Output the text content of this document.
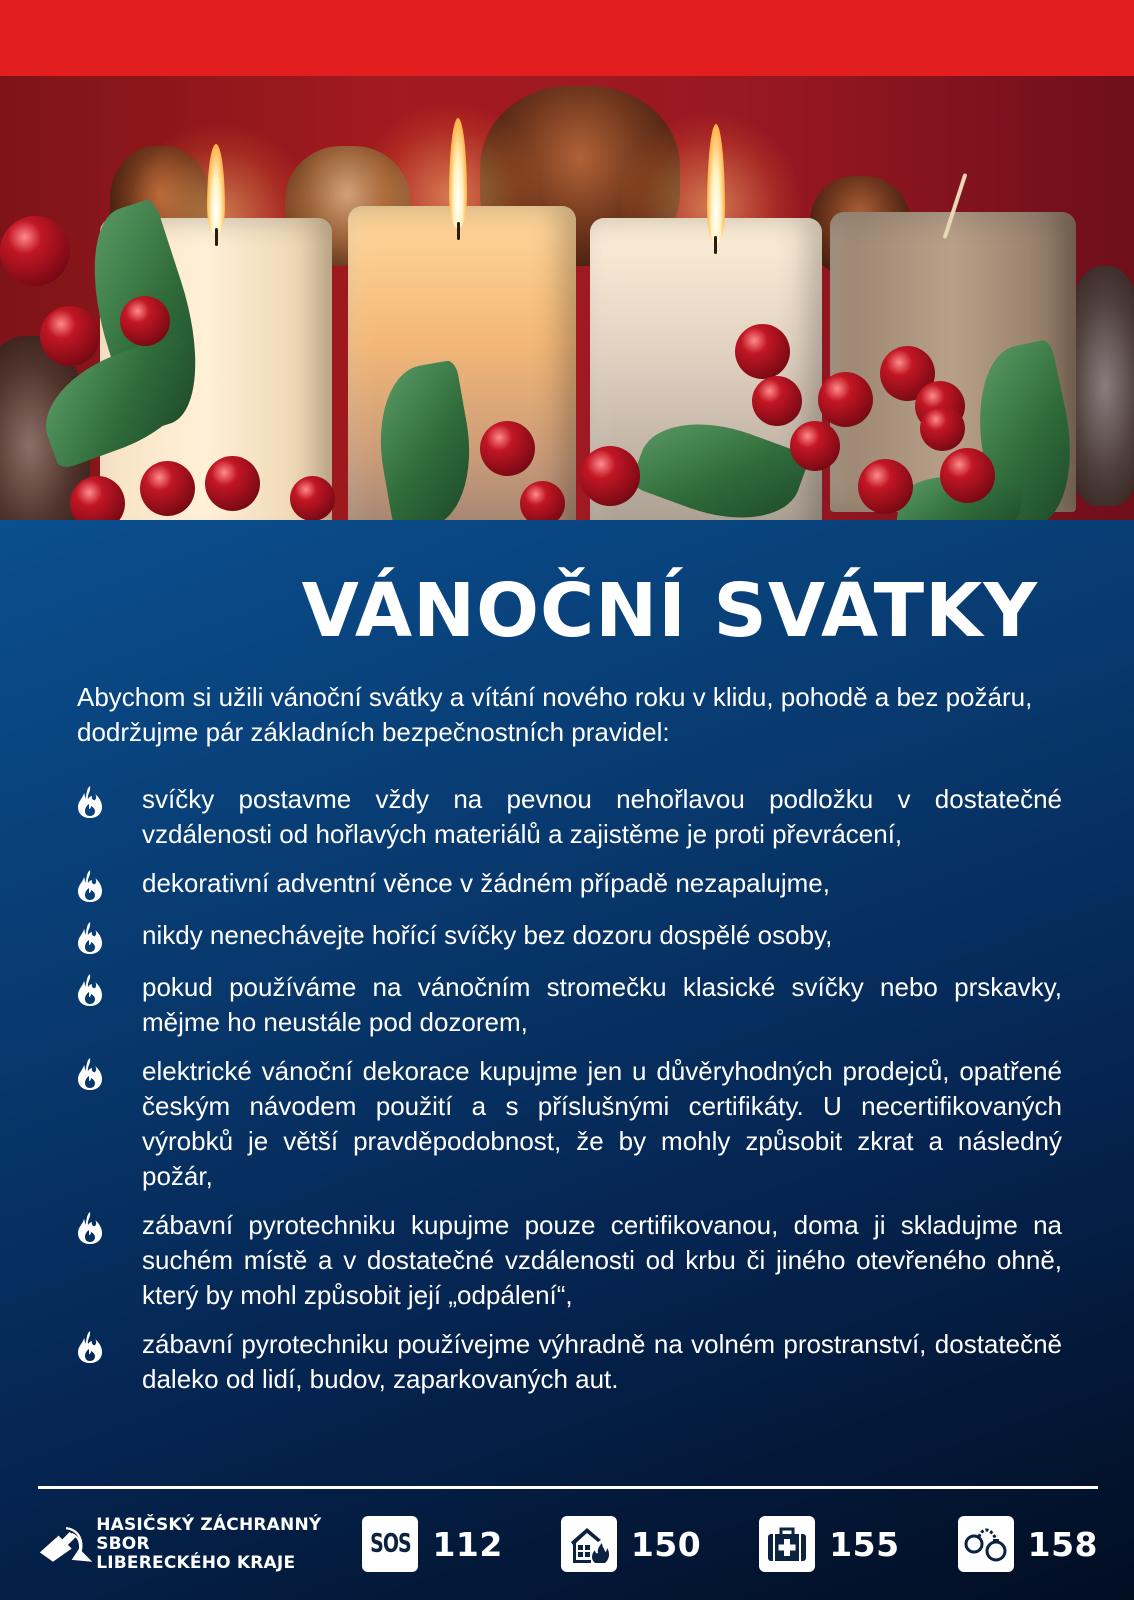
VÁNOČNÍ SVÁTKY

Abychom si užili vánoční svátky a vítání nového roku v klidu, pohodě a bez požáru, dodržujme pár základních bezpečnostních pravidel:

svíčky postavme vždy na pevnou nehořlavou podložku v dostatečné vzdálenosti od hořlavých materiálů a zajistěme je proti převrácení,
dekorativní adventní věnce v žádném případě nezapalujme,
nikdy nenechávejte hořící svíčky bez dozoru dospělé osoby,
pokud používáme na vánočním stromečku klasické svíčky nebo prskavky, mějme ho neustále pod dozorem,
elektrické vánoční dekorace kupujme jen u důvěryhodných prodejců, opatřené českým návodem použití a s příslušnými certifikáty. U necertifikovaných výrobků je větší pravděpodobnost, že by mohly způsobit zkrat a následný požár,
zábavní pyrotechniku kupujme pouze certifikovanou, doma ji skladujme na suchém místě a v dostatečné vzdálenosti od krbu či jiného otevřeného ohně, který by mohl způsobit její „odpálení“,
zábavní pyrotechniku používejme výhradně na volném prostranství, dostatečně daleko od lidí, budov, zaparkovaných aut.
HASIČSKÝ ZÁCHRANNÝ SBOR
LIBERECKÉHO KRAJE
SOS 112	150	155	158
